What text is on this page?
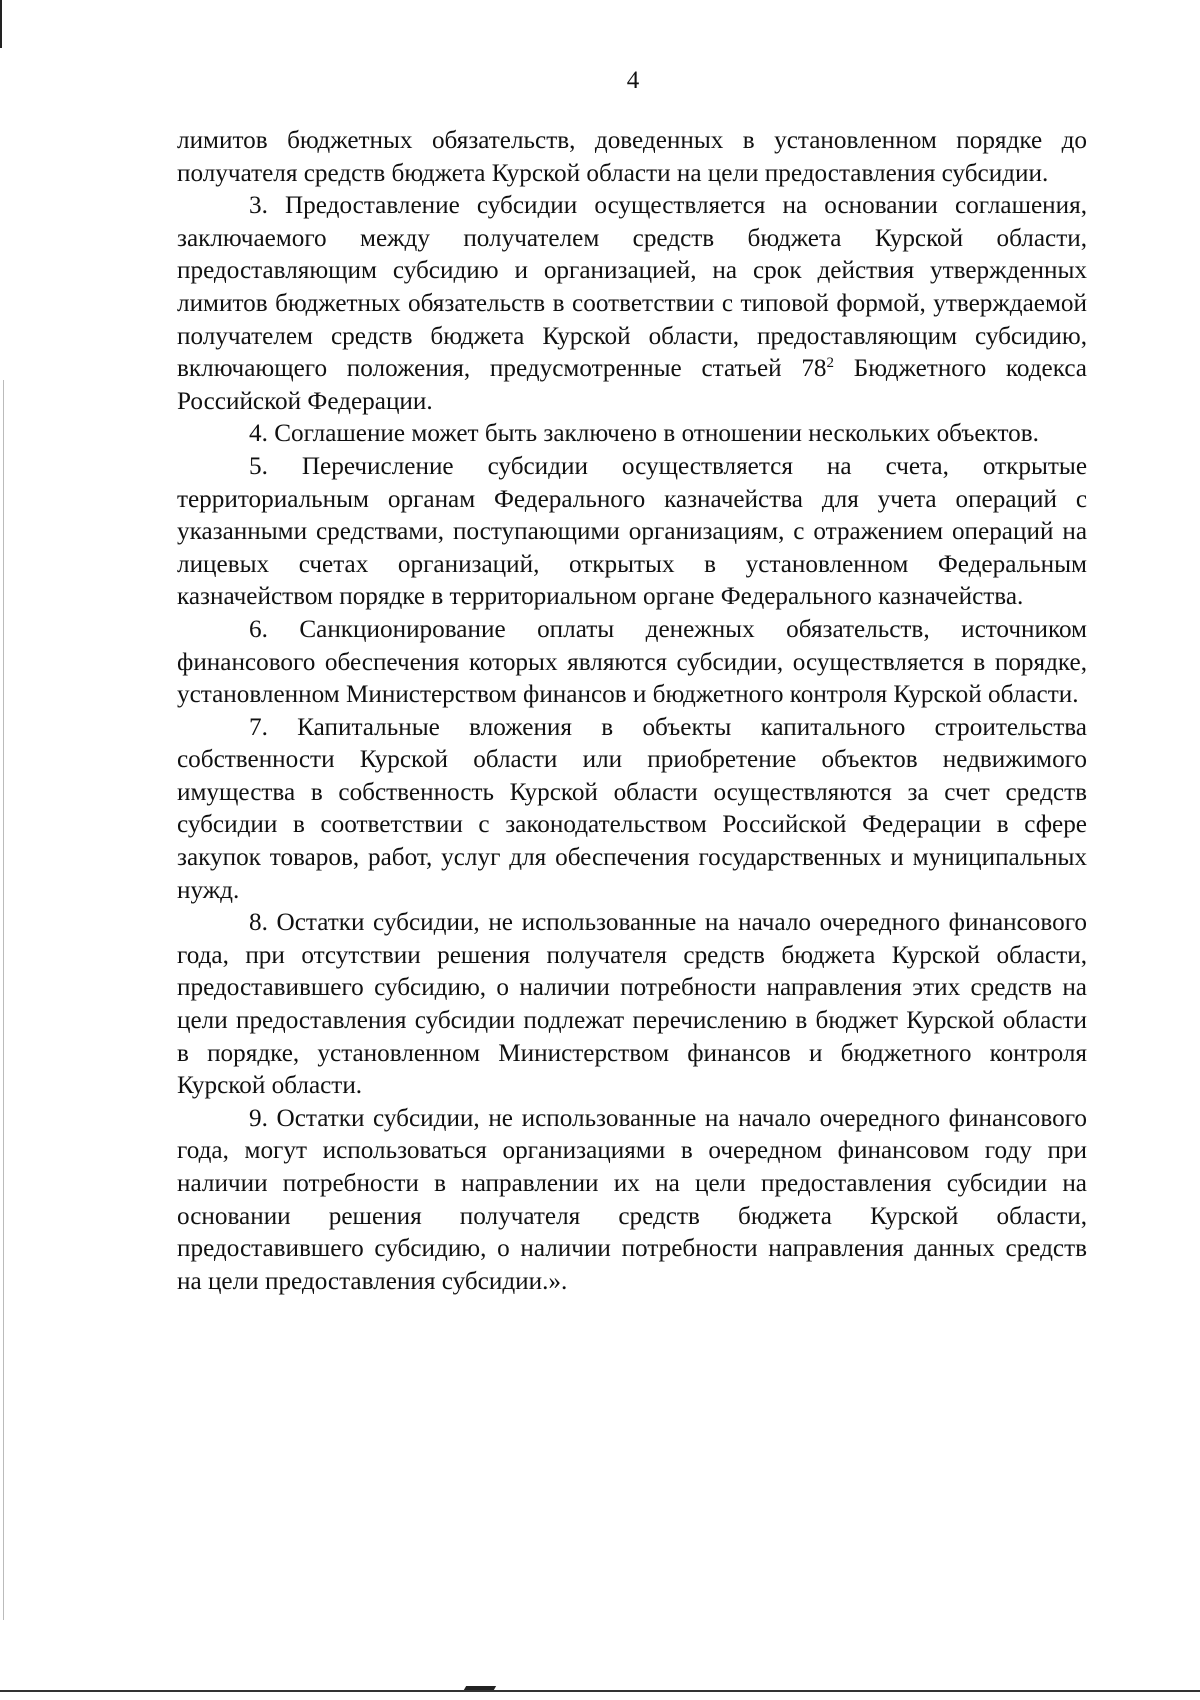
4

лимитов бюджетных обязательств, доведенных в установленном порядке до получателя средств бюджета Курской области на цели предоставления субсидии.

3. Предоставление субсидии осуществляется на основании соглашения, заключаемого между получателем средств бюджета Курской области, предоставляющим субсидию и организацией, на срок действия утвержденных лимитов бюджетных обязательств в соответствии с типовой формой, утверждаемой получателем средств бюджета Курской области, предоставляющим субсидию, включающего положения, предусмотренные статьей $78^2$ Бюджетного кодекса Российской Федерации.

4. Соглашение может быть заключено в отношении нескольких объектов.

5. Перечисление субсидии осуществляется на счета, открытые территориальным органам Федерального казначейства для учета операций с указанными средствами, поступающими организациям, с отражением операций на лицевых счетах организаций, открытых в установленном Федеральным казначейством порядке в территориальном органе Федерального казначейства.

6. Санкционирование оплаты денежных обязательств, источником финансового обеспечения которых являются субсидии, осуществляется в порядке, установленном Министерством финансов и бюджетного контроля Курской области.

7. Капитальные вложения в объекты капитального строительства собственности Курской области или приобретение объектов недвижимого имущества в собственность Курской области осуществляются за счет средств субсидии в соответствии с законодательством Российской Федерации в сфере закупок товаров, работ, услуг для обеспечения государственных и муниципальных нужд.

8. Остатки субсидии, не использованные на начало очередного финансового года, при отсутствии решения получателя средств бюджета Курской области, предоставившего субсидию, о наличии потребности направления этих средств на цели предоставления субсидии подлежат перечислению в бюджет Курской области в порядке, установленном Министерством финансов и бюджетного контроля Курской области.

9. Остатки субсидии, не использованные на начало очередного финансового года, могут использоваться организациями в очередном финансовом году при наличии потребности в направлении их на цели предоставления субсидии на основании решения получателя средств бюджета Курской области, предоставившего субсидию, о наличии потребности направления данных средств на цели предоставления субсидии.».
